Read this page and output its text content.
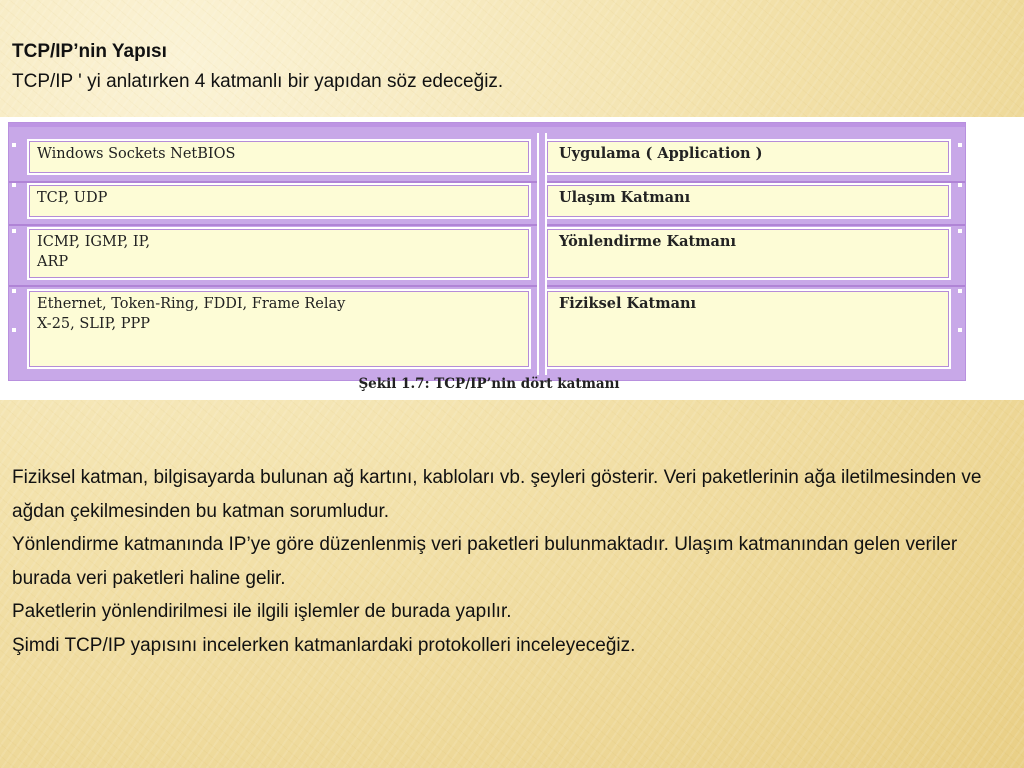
TCP/IP’nin Yapısı
TCP/IP ' yi anlatırken 4 katmanlı bir yapıdan söz edeceğiz.
Windows Sockets NetBIOS
TCP, UDP
ICMP, IGMP, IP,
ARP
Ethernet, Token-Ring, FDDI, Frame Relay
X-25, SLIP, PPP
Uygulama ( Application )
Ulaşım Katmanı
Yönlendirme Katmanı
Fiziksel Katmanı
Şekil 1.7: TCP/IP’nin dört katmanı

Fiziksel katman, bilgisayarda bulunan ağ kartını, kabloları vb. şeyleri gösterir. Veri paketlerinin ağa iletilmesinden ve ağdan çekilmesinden bu katman sorumludur.

Yönlendirme katmanında IP’ye göre düzenlenmiş veri paketleri bulunmaktadır. Ulaşım katmanından gelen veriler burada veri paketleri haline gelir.

Paketlerin yönlendirilmesi ile ilgili işlemler de burada yapılır.

Şimdi TCP/IP yapısını incelerken katmanlardaki protokolleri inceleyeceğiz.
